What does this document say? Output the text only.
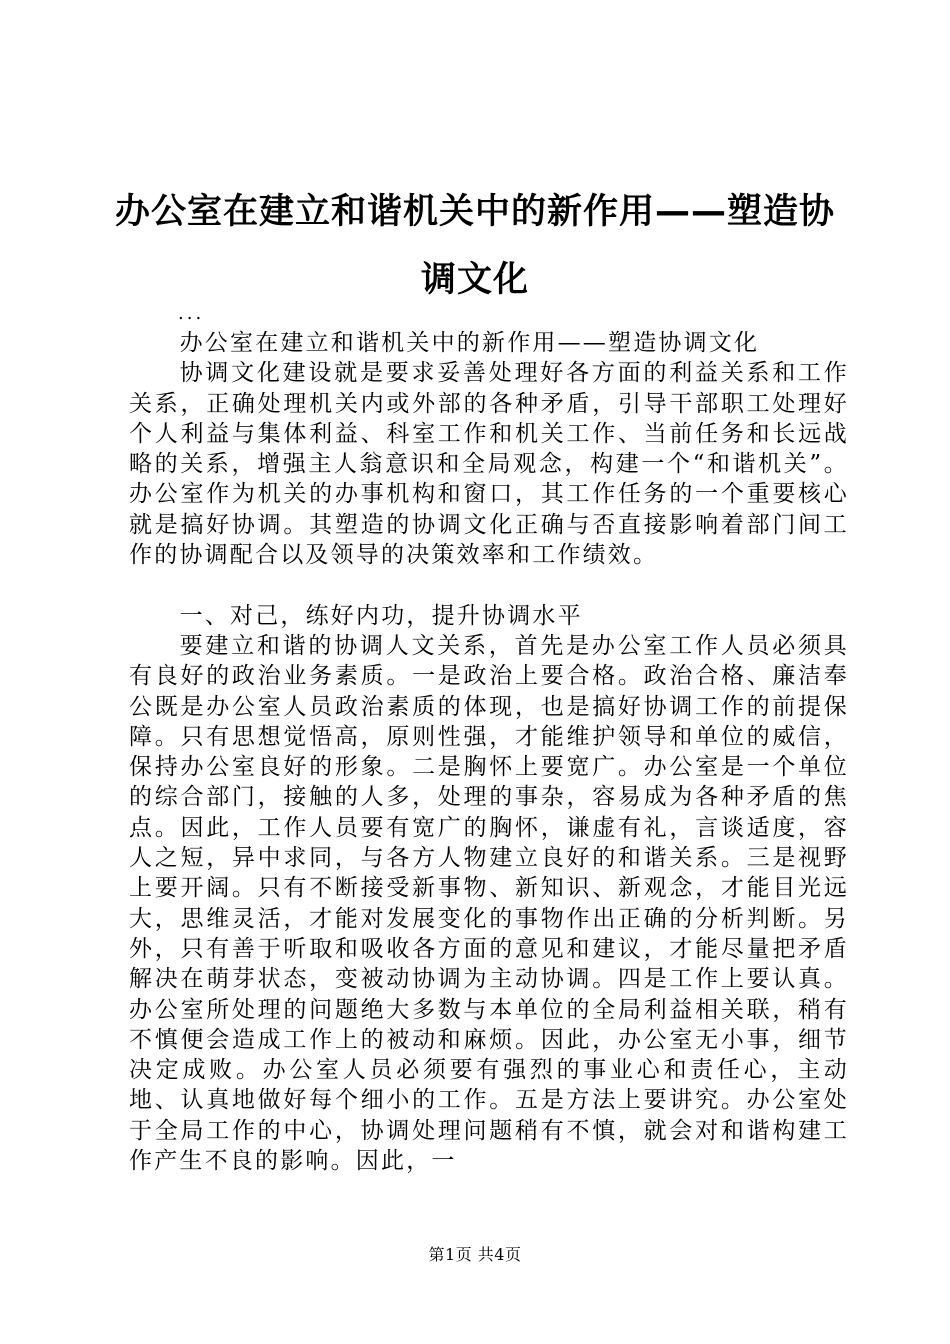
办公室在建立和谐机关中的新作用——塑造协调文化
...

办公室在建立和谐机关中的新作用——塑造协调文化

协调文化建设就是要求妥善处理好各方面的利益关系和工作关系，正确处理机关内或外部的各种矛盾，引导干部职工处理好个人利益与集体利益、科室工作和机关工作、当前任务和长远战略的关系，增强主人翁意识和全局观念，构建一个“和谐机关”。办公室作为机关的办事机构和窗口，其工作任务的一个重要核心就是搞好协调。其塑造的协调文化正确与否直接影响着部门间工作的协调配合以及领导的决策效率和工作绩效。

一、对己，练好内功，提升协调水平

要建立和谐的协调人文关系，首先是办公室工作人员必须具有良好的政治业务素质。一是政治上要合格。政治合格、廉洁奉公既是办公室人员政治素质的体现，也是搞好协调工作的前提保障。只有思想觉悟高，原则性强，才能维护领导和单位的威信，保持办公室良好的形象。二是胸怀上要宽广。办公室是一个单位的综合部门，接触的人多，处理的事杂，容易成为各种矛盾的焦点。因此，工作人员要有宽广的胸怀，谦虚有礼，言谈适度，容人之短，异中求同，与各方人物建立良好的和谐关系。三是视野上要开阔。只有不断接受新事物、新知识、新观念，才能目光远大，思维灵活，才能对发展变化的事物作出正确的分析判断。另外，只有善于听取和吸收各方面的意见和建议，才能尽量把矛盾解决在萌芽状态，变被动协调为主动协调。四是工作上要认真。办公室所处理的问题绝大多数与本单位的全局利益相关联，稍有不慎便会造成工作上的被动和麻烦。因此，办公室无小事，细节决定成败。办公室人员必须要有强烈的事业心和责任心，主动地、认真地做好每个细小的工作。五是方法上要讲究。办公室处于全局工作的中心，协调处理问题稍有不慎，就会对和谐构建工作产生不良的影响。因此，一

第1页 共4页
